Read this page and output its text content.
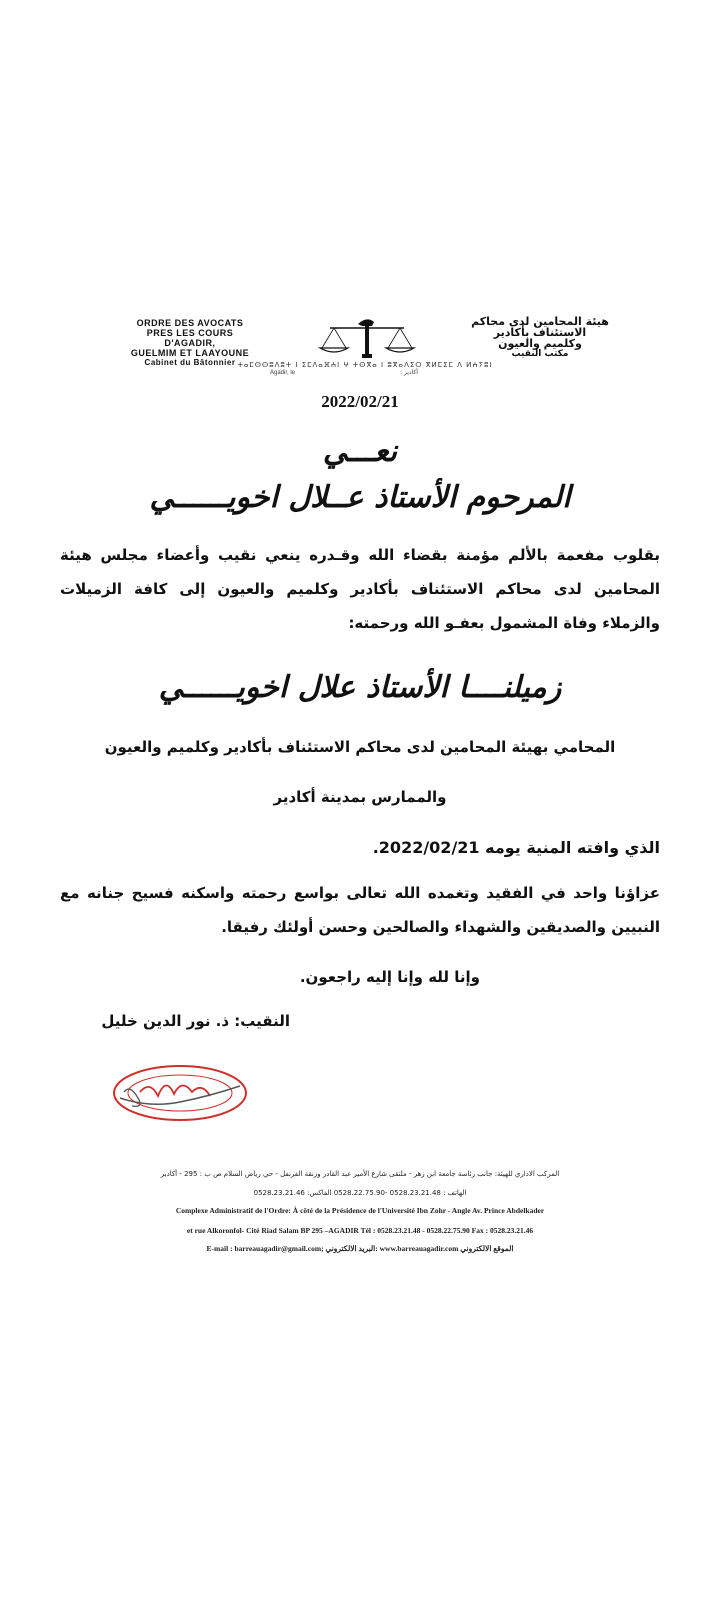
ORDRE DES AVOCATS
PRES LES COURS
D'AGADIR,
GUELMIM ET LAAYOUNE
Cabinet du Bâtonnier
هيئة المحامين لدى محاكم
الاستئناف بأكادير
وكلميم والعيون
مكتب النقيب
ⵜⴰⵎⵙⵙⵓⴷⵓⵜ ⵏ ⵉⵎⴷⴰⴼⵄⵏ ⵖ ⵜⵙⴳⴰ ⵏ ⵓⴳⴰⴷⵉⵔ ⴳⵍⵎⵉⵎ ⴷ ⵍⵄⵢⵓⵏ
Agadir, le	أكادير :
2022/02/21
نعـــي
المرحوم الأستاذ عــلال اخويــــــي
بقلوب مفعمة بالألم مؤمنة بقضاء الله وقـدره ينعي نقيب وأعضاء مجلس هيئة المحامين لدى محاكم الاستئناف بأكادير وكلميم والعيون إلى كافة الزميلات والزملاء وفاة المشمول بعفـو الله ورحمته:
زميلنــــا الأستاذ علال اخويــــــي
المحامي بهيئة المحامين لدى محاكم الاستئناف بأكادير وكلميم والعيون
والممارس بمدينة أكادير
الذي وافته المنية يومه 2022/02/21.
عزاؤنا واحد في الفقيد وتغمده الله تعالى بواسع رحمته واسكنه فسيح جنانه مع النبيين والصديقين والشهداء والصالحين وحسن أولئك رفيقا.
وإنا لله وإنا إليه راجعون.
النقيب: ذ. نور الدين خليل
المركب الاداري للهيئة: جانب رئاسة جامعة ابن زهر - ملتقى شارع الأمير عبد القادر وزنقة الفرنفل - حي رياض السلام ص ب : 295 - أكادير
الهاتف : 0528.23.21.48 -0528.22.75.90 الفاكس: 0528.23.21.46
Complexe Administratif de l'Ordre: À côté de la Présidence de l'Université Ibn Zohr - Angle Av. Prince Abdelkader
et rue Alkoronfol- Cité Riad Salam BP 295 –AGADIR Tél : 0528.23.21.48 - 0528.22.75.90 Fax : 0528.23.21.46
E-mail : barreauagadir@gmail.com; البريد الالكتروني: www.barreauagadir.com الموقع الالكتروني
